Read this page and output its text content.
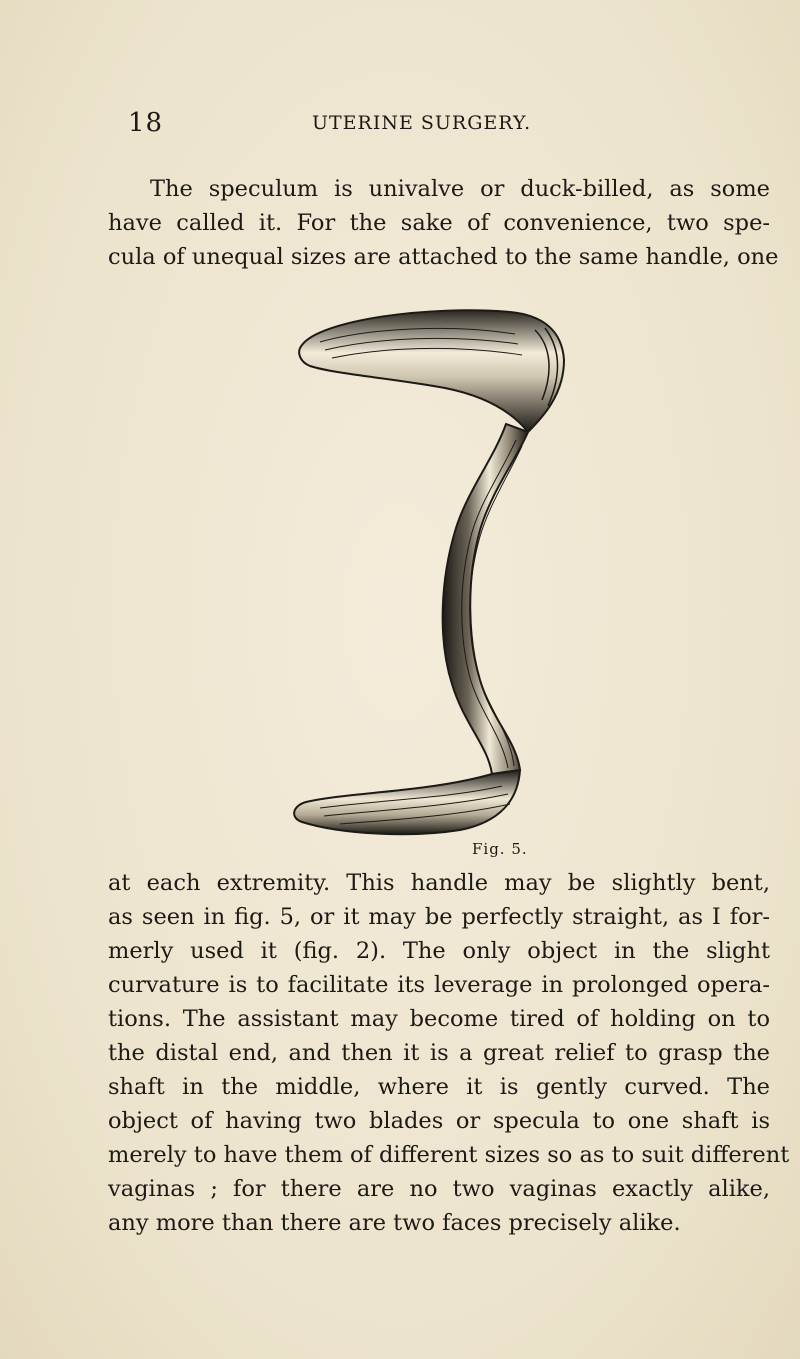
18	UTERINE SURGERY.

The speculum is univalve or duck-billed, as some
have called it. For the sake of convenience, two spe-
cula of unequal sizes are attached to the same handle, one

Fig. 5.

at each extremity. This handle may be slightly bent,
as seen in fig. 5, or it may be perfectly straight, as I for-
merly used it (fig. 2). The only object in the slight
curvature is to facilitate its leverage in prolonged opera-
tions. The assistant may become tired of holding on to
the distal end, and then it is a great relief to grasp the
shaft in the middle, where it is gently curved. The
object of having two blades or specula to one shaft is
merely to have them of different sizes so as to suit different
vaginas ; for there are no two vaginas exactly alike,
any more than there are two faces precisely alike.
